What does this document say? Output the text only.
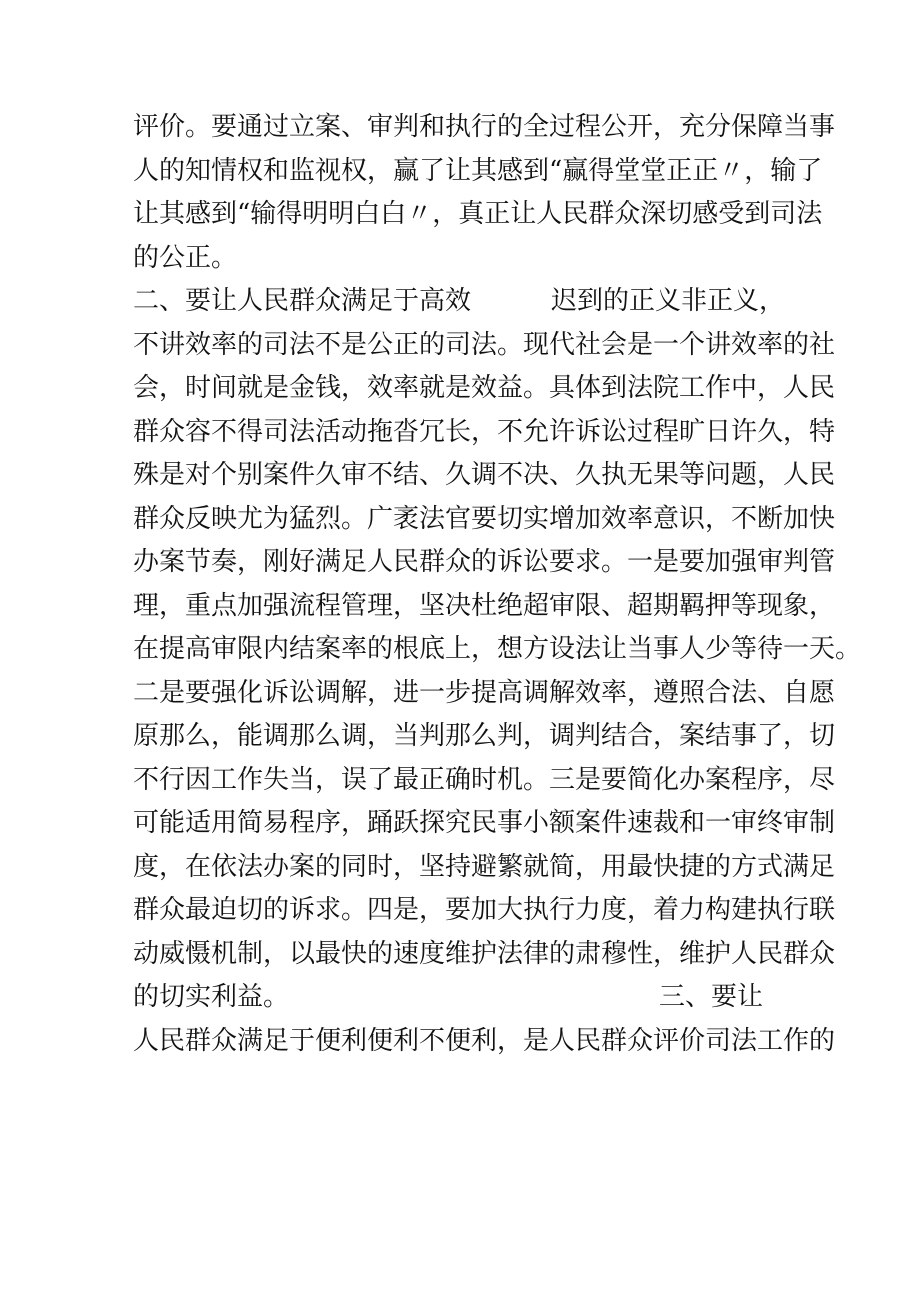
评价。要通过立案、审判和执行的全过程公开，充分保障当事
人的知情权和监视权，赢了让其感到“赢得堂堂正正〃，输了
让其感到“输得明明白白〃，真正让人民群众深切感受到司法
的公正。
二、要让人民群众满足于高效	迟到的正义非正义，
不讲效率的司法不是公正的司法。现代社会是一个讲效率的社
会，时间就是金钱，效率就是效益。具体到法院工作中，人民
群众容不得司法活动拖沓冗长，不允许诉讼过程旷日许久，特
殊是对个别案件久审不结、久调不决、久执无果等问题，人民
群众反映尤为猛烈。广袤法官要切实增加效率意识，不断加快
办案节奏，刚好满足人民群众的诉讼要求。一是要加强审判管
理，重点加强流程管理，坚决杜绝超审限、超期羁押等现象，
在提高审限内结案率的根底上，想方设法让当事人少等待一天。
二是要强化诉讼调解，进一步提高调解效率，遵照合法、自愿
原那么，能调那么调，当判那么判，调判结合，案结事了，切
不行因工作失当，误了最正确时机。三是要简化办案程序，尽
可能适用简易程序，踊跃探究民事小额案件速裁和一审终审制
度，在依法办案的同时，坚持避繁就简，用最快捷的方式满足
群众最迫切的诉求。四是，要加大执行力度，着力构建执行联
动威慑机制，以最快的速度维护法律的肃穆性，维护人民群众
的切实利益。	三、要让
人民群众满足于便利便利不便利，是人民群众评价司法工作的
